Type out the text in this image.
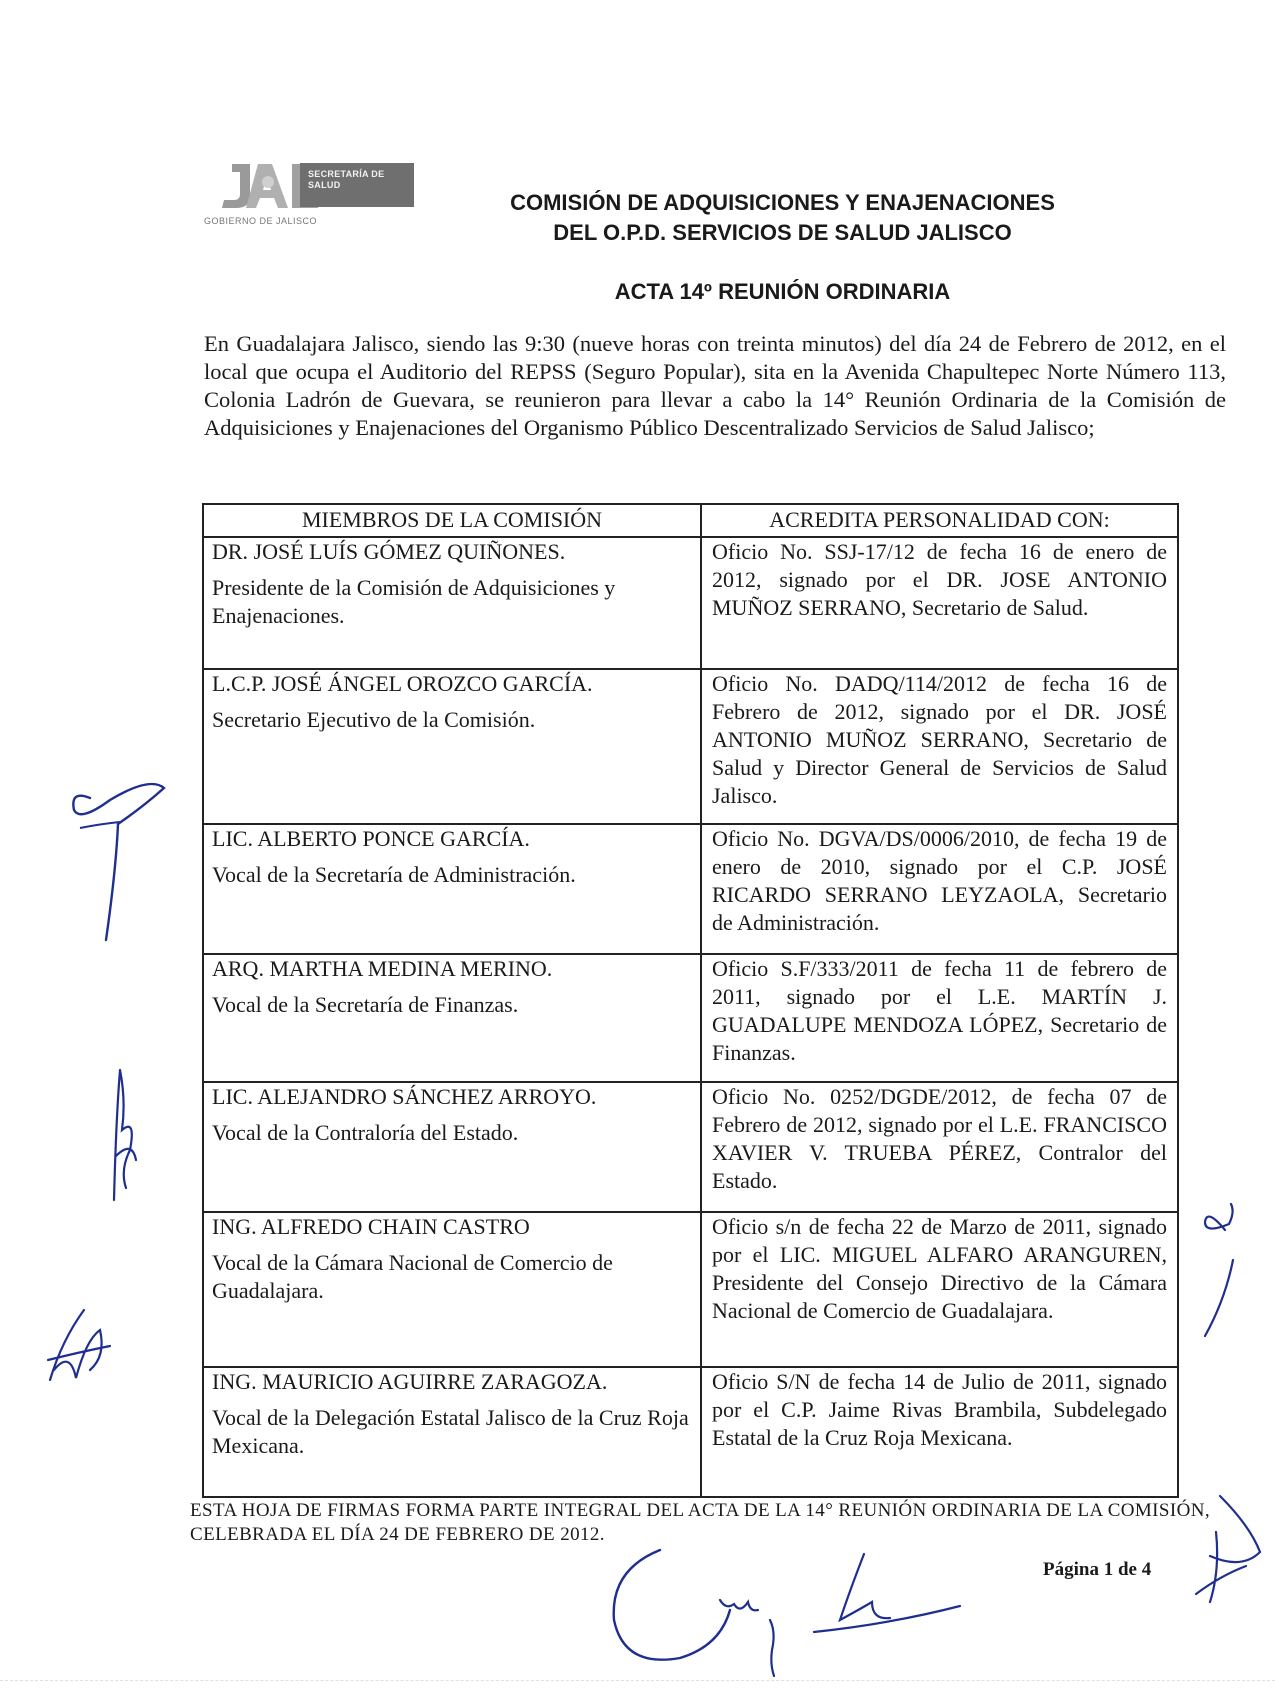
SECRETARÍA DE
SALUD
GOBIERNO DE JALISCO
COMISIÓN DE ADQUISICIONES Y ENAJENACIONES
DEL O.P.D. SERVICIOS DE SALUD JALISCO
ACTA 14º REUNIÓN ORDINARIA
En Guadalajara Jalisco, siendo las 9:30 (nueve horas con treinta minutos) del día 24 de Febrero de 2012, en el local que ocupa el Auditorio del REPSS (Seguro Popular), sita en la Avenida Chapultepec Norte Número 113, Colonia Ladrón de Guevara, se reunieron para llevar a cabo la 14° Reunión Ordinaria de la Comisión de Adquisiciones y Enajenaciones del Organismo Público Descentralizado Servicios de Salud Jalisco;
MIEMBROS DE LA COMISIÓN	ACREDITA PERSONALIDAD CON:

DR. JOSÉ LUÍS GÓMEZ QUIÑONES.
Presidente de la Comisión de Adquisiciones y Enajenaciones.	Oficio No. SSJ-17/12 de fecha 16 de enero de 2012, signado por el DR. JOSE ANTONIO MUÑOZ SERRANO, Secretario de Salud.

L.C.P. JOSÉ ÁNGEL OROZCO GARCÍA.
Secretario Ejecutivo de la Comisión.	Oficio No. DADQ/114/2012 de fecha 16 de Febrero de 2012, signado por el DR. JOSÉ ANTONIO MUÑOZ SERRANO, Secretario de Salud y Director General de Servicios de Salud Jalisco.

LIC. ALBERTO PONCE GARCÍA.
Vocal de la Secretaría de Administración.	Oficio No. DGVA/DS/0006/2010, de fecha 19 de enero de 2010, signado por el C.P. JOSÉ RICARDO SERRANO LEYZAOLA, Secretario de Administración.

ARQ. MARTHA MEDINA MERINO.
Vocal de la Secretaría de Finanzas.	Oficio S.F/333/2011 de fecha 11 de febrero de 2011, signado por el L.E. MARTÍN J. GUADALUPE MENDOZA LÓPEZ, Secretario de Finanzas.

LIC. ALEJANDRO SÁNCHEZ ARROYO.
Vocal de la Contraloría del Estado.	Oficio No. 0252/DGDE/2012, de fecha 07 de Febrero de 2012, signado por el L.E. FRANCISCO XAVIER V. TRUEBA PÉREZ, Contralor del Estado.

ING. ALFREDO CHAIN CASTRO
Vocal de la Cámara Nacional de Comercio de Guadalajara.	Oficio s/n de fecha 22 de Marzo de 2011, signado por el LIC. MIGUEL ALFARO ARANGUREN, Presidente del Consejo Directivo de la Cámara Nacional de Comercio de Guadalajara.

ING. MAURICIO AGUIRRE ZARAGOZA.
Vocal de la Delegación Estatal Jalisco de la Cruz Roja Mexicana.	Oficio S/N de fecha 14 de Julio de 2011, signado por el C.P. Jaime Rivas Brambila, Subdelegado Estatal de la Cruz Roja Mexicana.
ESTA HOJA DE FIRMAS FORMA PARTE INTEGRAL DEL ACTA DE LA 14° REUNIÓN ORDINARIA DE LA COMISIÓN, CELEBRADA EL DÍA 24 DE FEBRERO DE 2012.
Página 1 de 4
